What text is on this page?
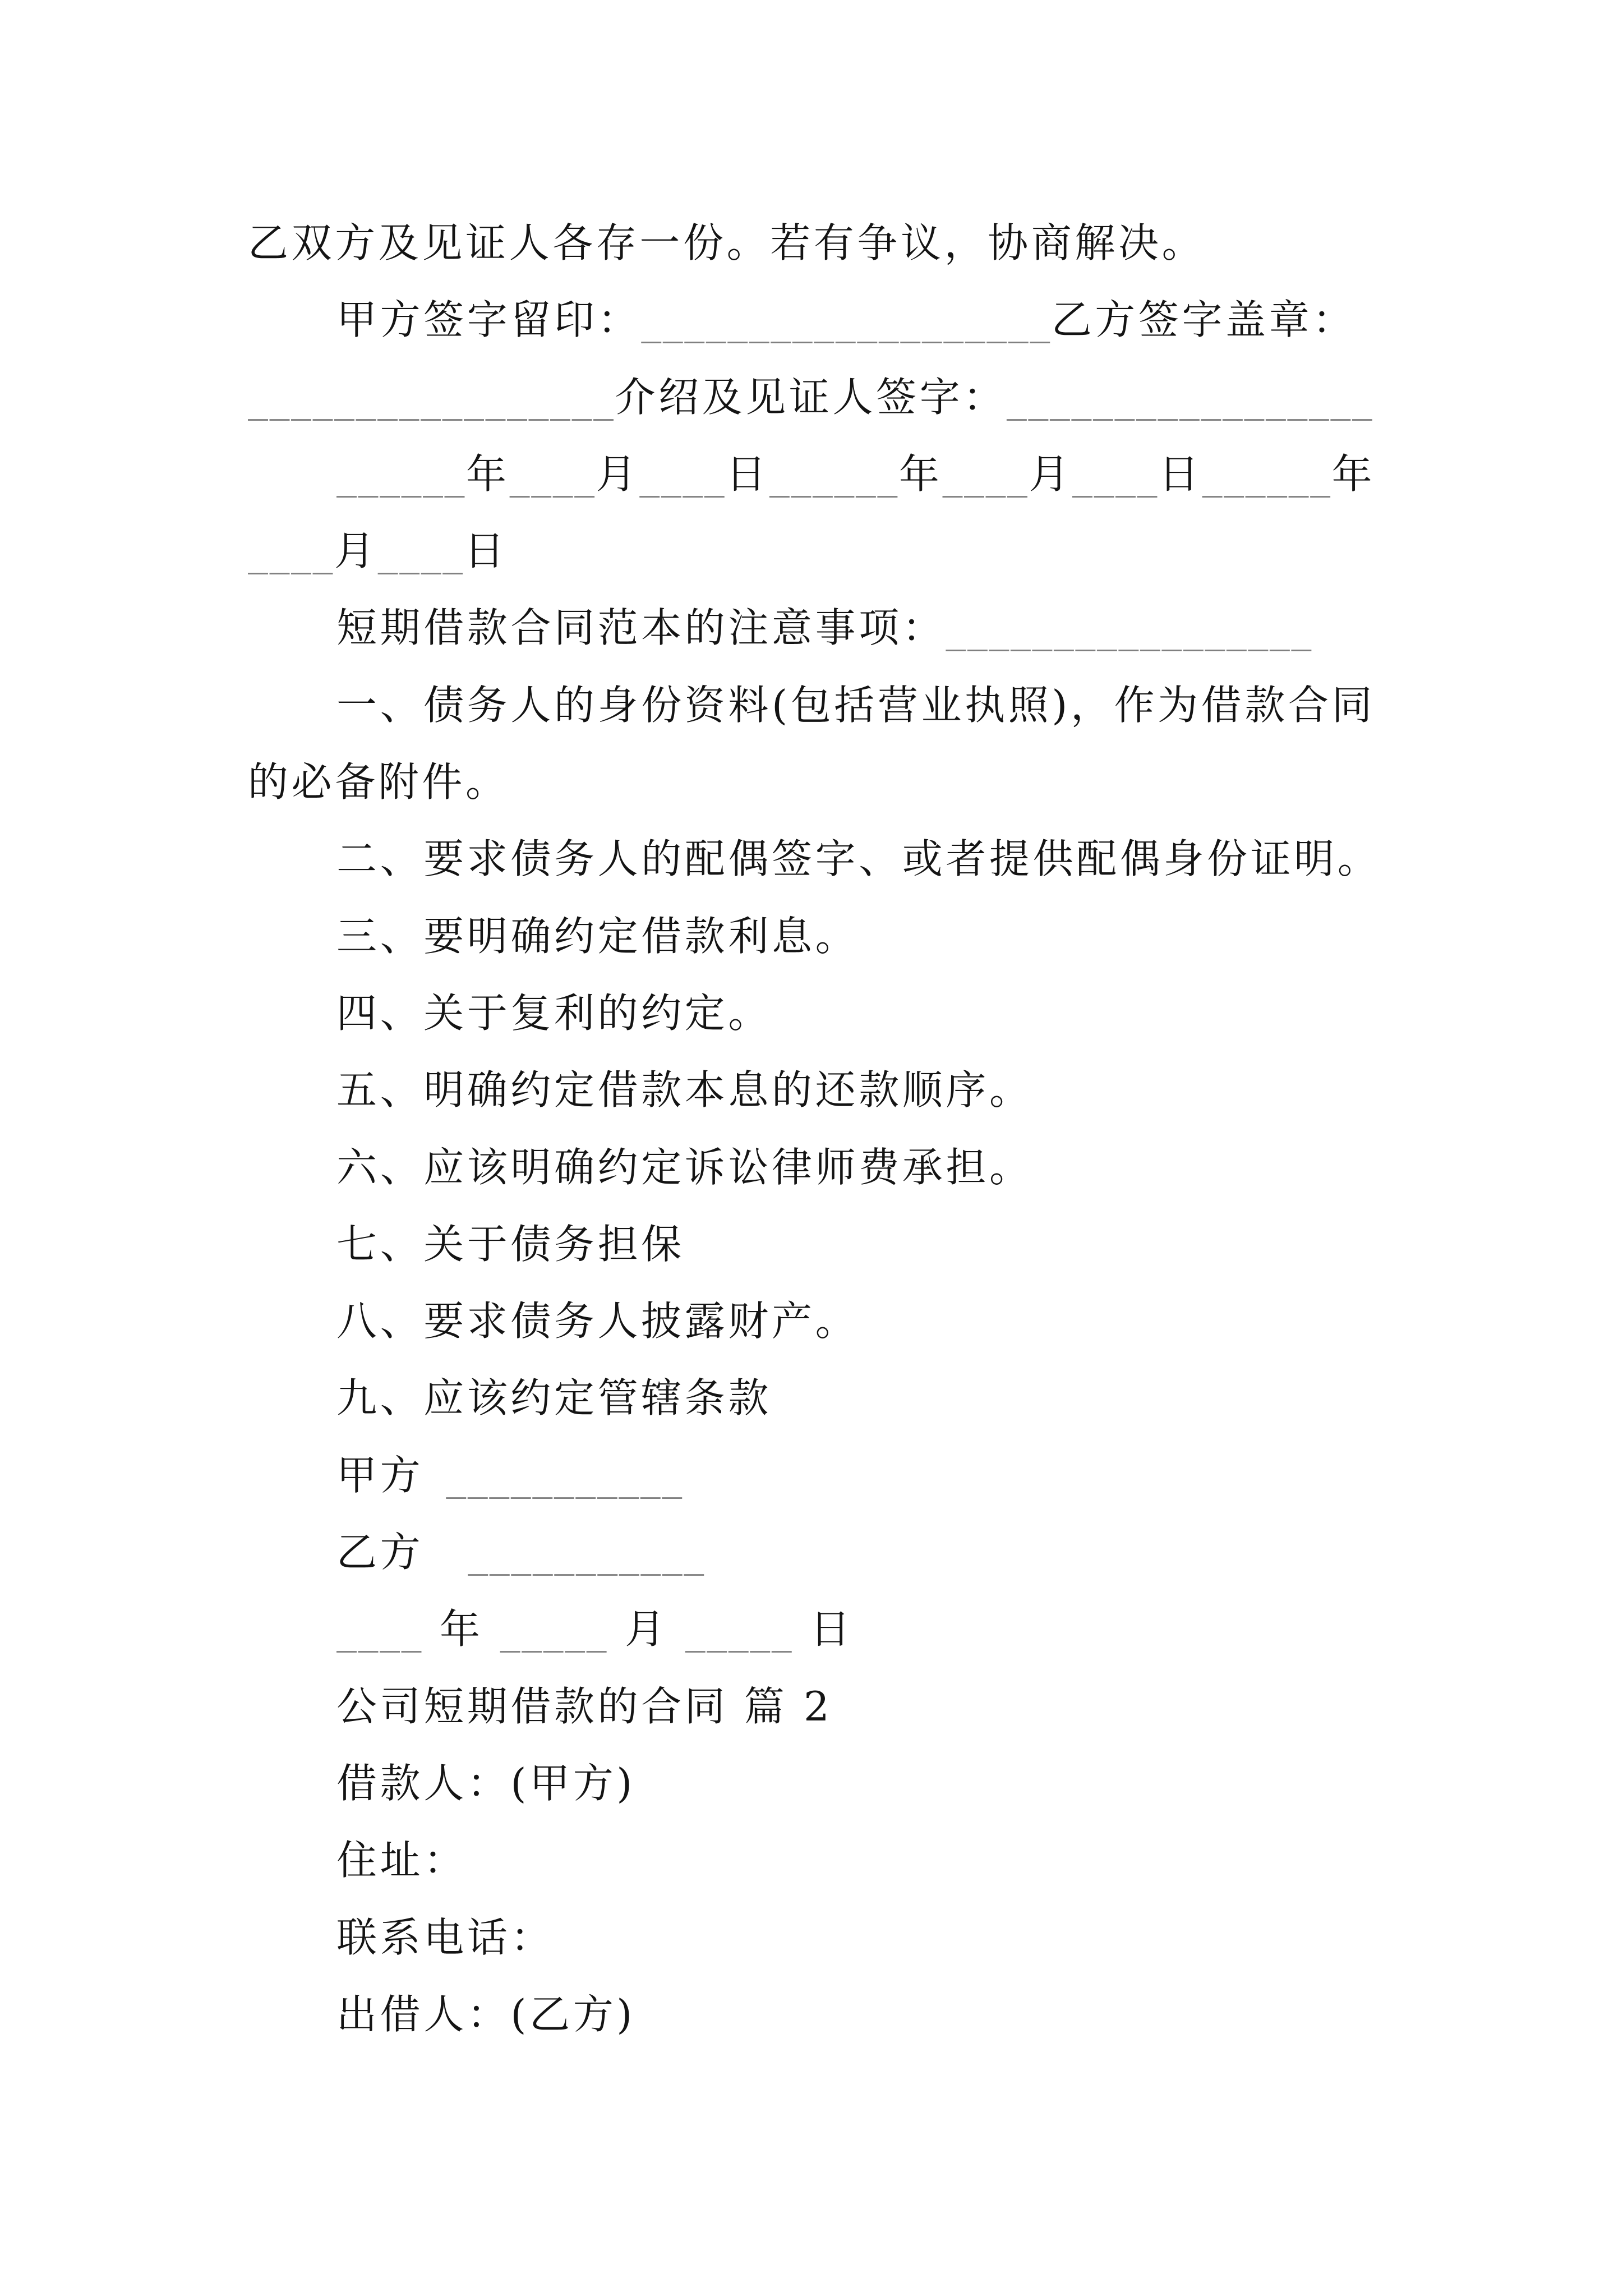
乙双方及见证人各存一份。若有争议，协商解决。

甲方签字留印：___________________乙方签字盖章：

_________________介绍及见证人签字：_________________

______年____月____日______年____月____日______年

____月____日

短期借款合同范本的注意事项：_________________

一、债务人的身份资料(包括营业执照)，作为借款合同

的必备附件。

二、要求债务人的配偶签字、或者提供配偶身份证明。

三、要明确约定借款利息。

四、关于复利的约定。

五、明确约定借款本息的还款顺序。

六、应该明确约定诉讼律师费承担。

七、关于债务担保

八、要求债务人披露财产。

九、应该约定管辖条款

甲方 ___________

乙方 ___________

____ 年 _____ 月 _____ 日

公司短期借款的合同 篇 2

借款人：(甲方)

住址：

联系电话：

出借人：(乙方)
